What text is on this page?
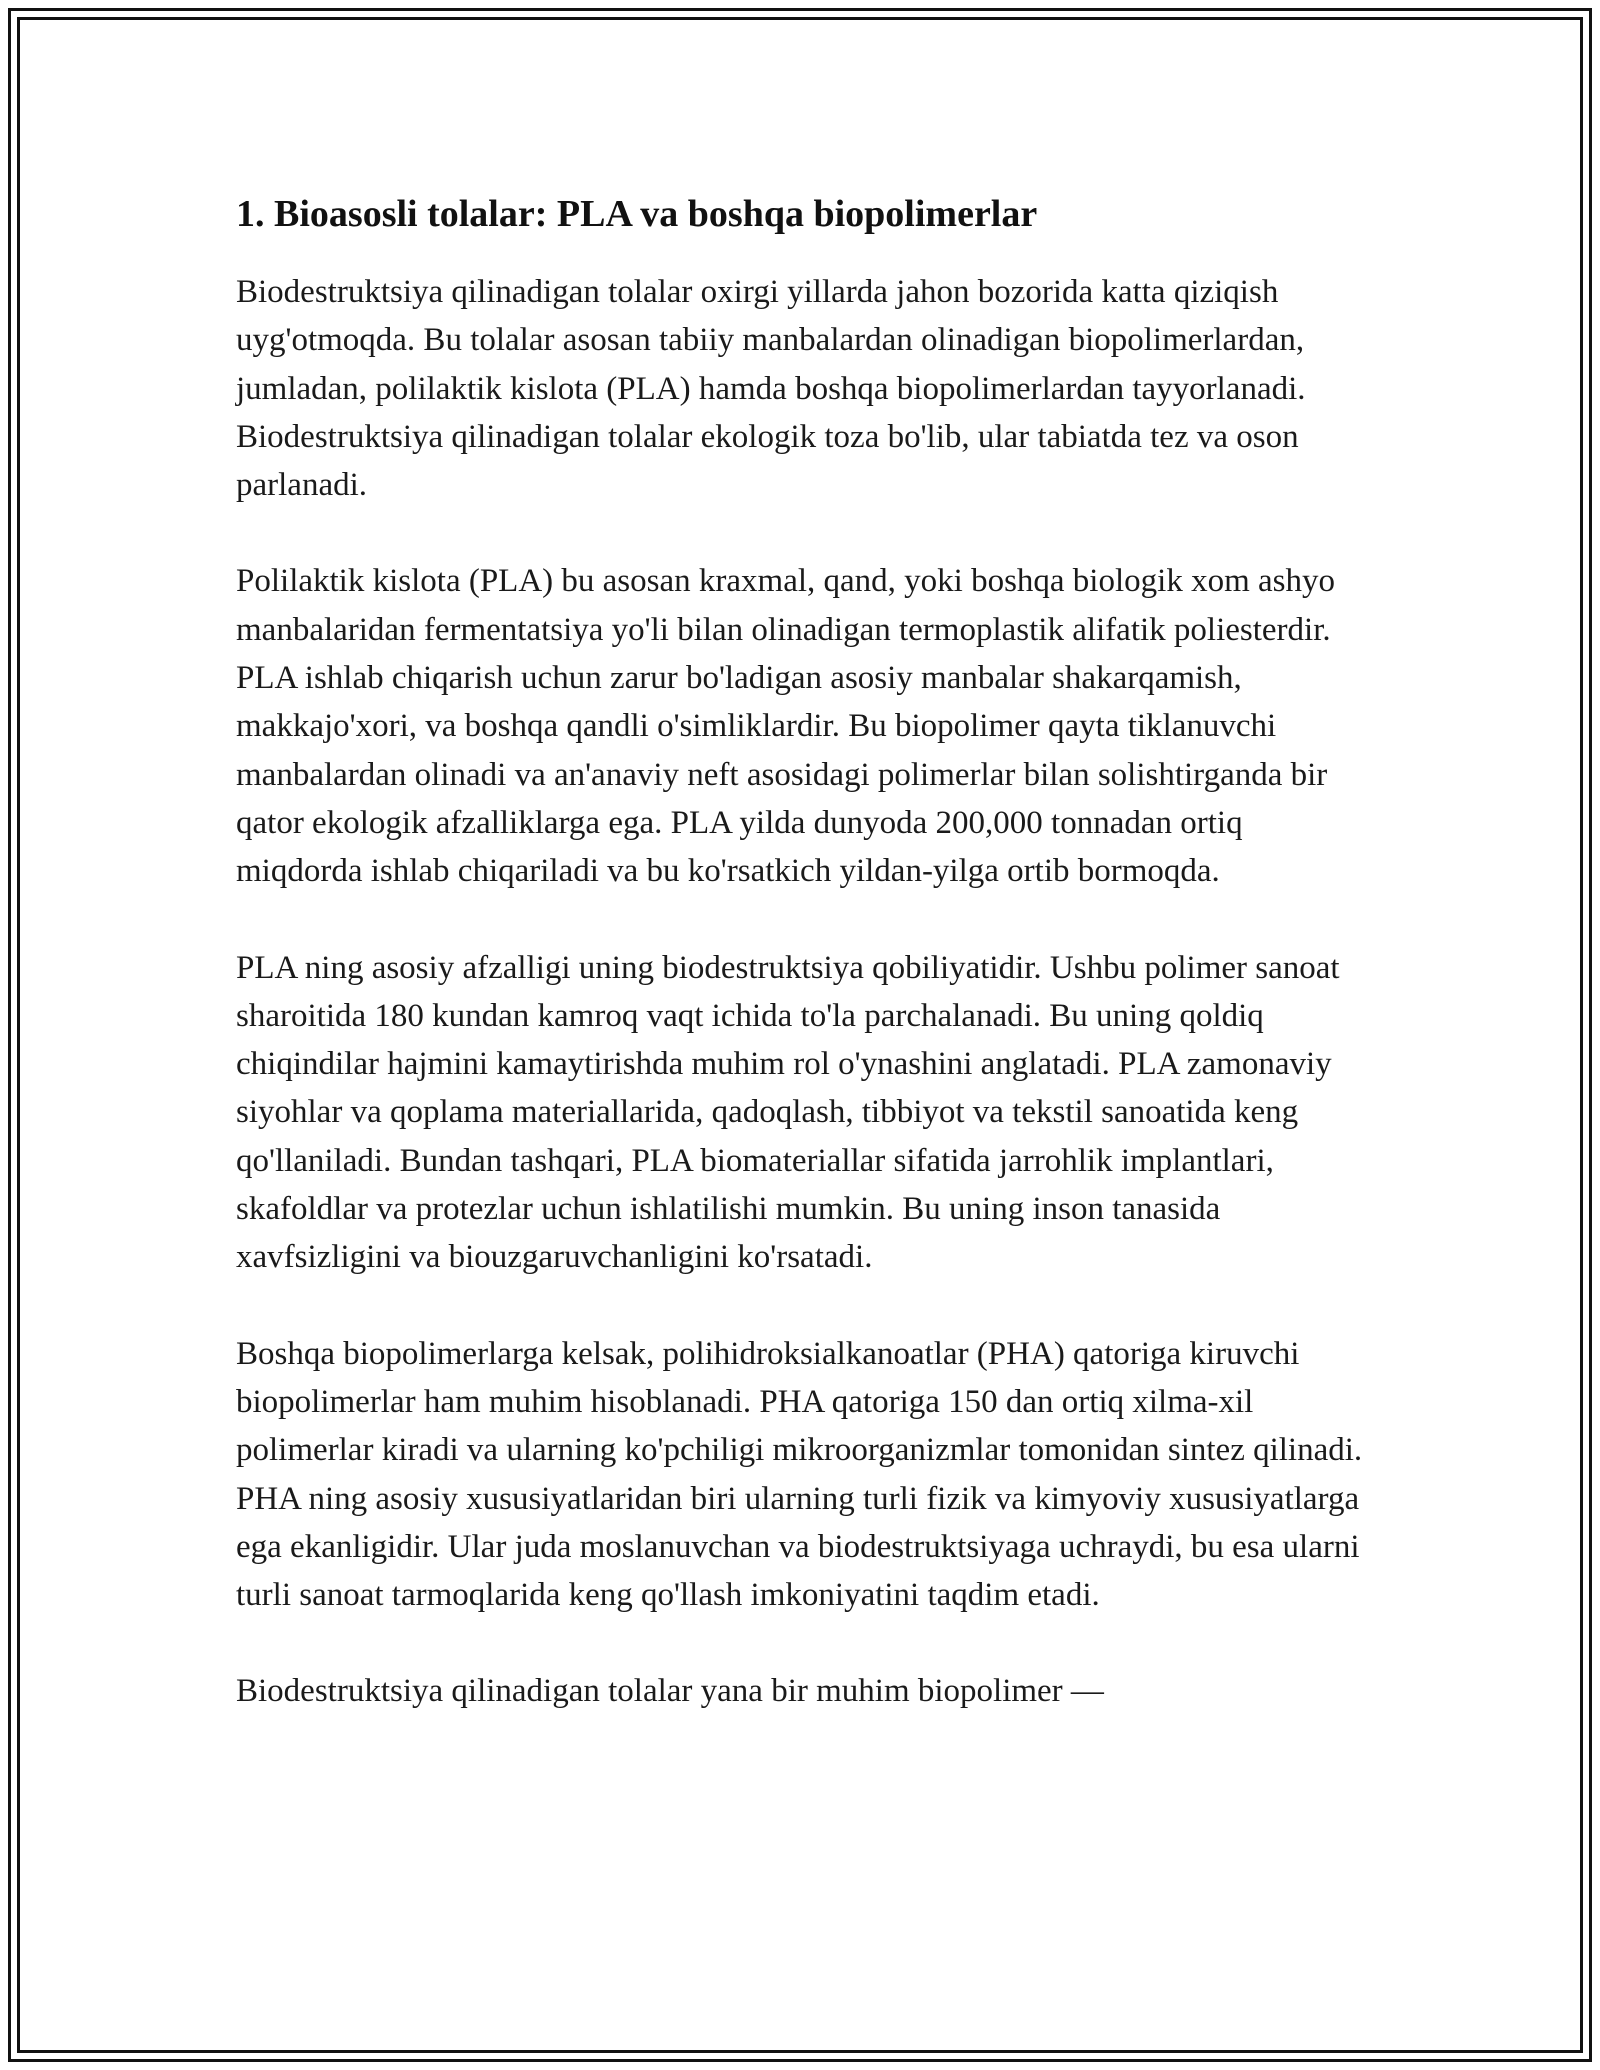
1. Bioasosli tolalar: PLA va boshqa biopolimerlar

Biodestruktsiya qilinadigan tolalar oxirgi yillarda jahon bozorida katta qiziqish uyg'otmoqda. Bu tolalar asosan tabiiy manbalardan olinadigan biopolimerlardan, jumladan, polilaktik kislota (PLA) hamda boshqa biopolimerlardan tayyorlanadi. Biodestruktsiya qilinadigan tolalar ekologik toza bo'lib, ular tabiatda tez va oson parlanadi.

Polilaktik kislota (PLA) bu asosan kraxmal, qand, yoki boshqa biologik xom ashyo manbalaridan fermentatsiya yo'li bilan olinadigan termoplastik alifatik poliesterdir. PLA ishlab chiqarish uchun zarur bo'ladigan asosiy manbalar shakarqamish, makkajo'xori, va boshqa qandli o'simliklardir. Bu biopolimer qayta tiklanuvchi manbalardan olinadi va an'anaviy neft asosidagi polimerlar bilan solishtirganda bir qator ekologik afzalliklarga ega. PLA yilda dunyoda 200,000 tonnadan ortiq miqdorda ishlab chiqariladi va bu ko'rsatkich yildan-yilga ortib bormoqda.

PLA ning asosiy afzalligi uning biodestruktsiya qobiliyatidir. Ushbu polimer sanoat sharoitida 180 kundan kamroq vaqt ichida to'la parchalanadi. Bu uning qoldiq chiqindilar hajmini kamaytirishda muhim rol o'ynashini anglatadi. PLA zamonaviy siyohlar va qoplama materiallarida, qadoqlash, tibbiyot va tekstil sanoatida keng qo'llaniladi. Bundan tashqari, PLA biomateriallar sifatida jarrohlik implantlari, skafoldlar va protezlar uchun ishlatilishi mumkin. Bu uning inson tanasida xavfsizligini va biouzgaruvchanligini ko'rsatadi.

Boshqa biopolimerlarga kelsak, polihidroksialkanoatlar (PHA) qatoriga kiruvchi biopolimerlar ham muhim hisoblanadi. PHA qatoriga 150 dan ortiq xilma-xil polimerlar kiradi va ularning ko'pchiligi mikroorganizmlar tomonidan sintez qilinadi. PHA ning asosiy xususiyatlaridan biri ularning turli fizik va kimyoviy xususiyatlarga ega ekanligidir. Ular juda moslanuvchan va biodestruktsiyaga uchraydi, bu esa ularni turli sanoat tarmoqlarida keng qo'llash imkoniyatini taqdim etadi.

Biodestruktsiya qilinadigan tolalar yana bir muhim biopolimer —
